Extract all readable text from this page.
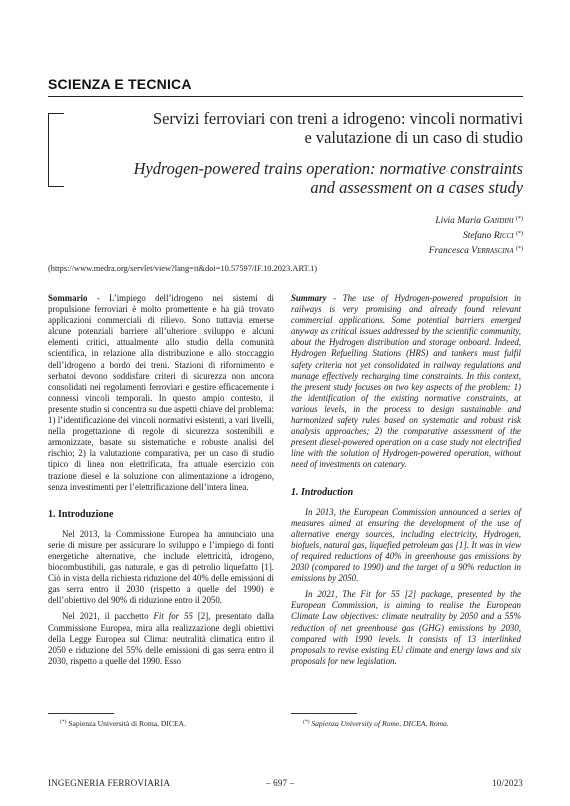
SCIENZA E TECNICA
Servizi ferroviari con treni a idrogeno: vincoli normativi
e valutazione di un caso di studio
Hydrogen-powered trains operation: normative constraints
and assessment on a cases study
Livia Maria Gandini (*)
Stefano Ricci (*)
Francesca Verrascina (*)
(https://www.medra.org/servlet/view?lang=it&doi=10.57597/IF.10.2023.ART.1)

Sommario - L’impiego dell’idrogeno nei sistemi di propulsione ferroviari è molto promettente e ha già trovato applicazioni commerciali di rilievo. Sono tuttavia emerse alcune potenziali barriere all’ulteriore sviluppo e alcuni elementi critici, attualmente allo studio della comunità scientifica, in relazione alla distribuzione e allo stoccaggio dell’idrogeno a bordo dei treni. Stazioni di rifornimento e serbatoi devono soddisfare criteri di sicurezza non ancora consolidati nei regolamenti ferroviari e gestire efficacemente i connessi vincoli temporali. In questo ampio contesto, il presente studio si concentra su due aspetti chiave del problema: 1) l’identificazione dei vincoli normativi esistenti, a vari livelli, nella progettazione di regole di sicurezza sostenibili e armonizzate, basate su sistematiche e robuste analisi del rischio; 2) la valutazione comparativa, per un caso di studio tipico di linea non elettrificata, fra attuale esercizio con trazione diesel e la soluzione con alimentazione a idrogeno, senza investimenti per l’elettrificazione dell’intera linea.

1. Introduzione

Nel 2013, la Commissione Europea ha annunciato una serie di misure per assicurare lo sviluppo e l’impiego di fonti energetiche alternative, che include elettricità, idrogeno, biocombustibili, gas naturale, e gas di petrolio liquefatto [1]. Ciò in vista della richiesta riduzione del 40% delle emissioni di gas serra entro il 2030 (rispetto a quelle del 1990) e dell’obiettivo del 90% di riduzione entro il 2050.

Nel 2021, il pacchetto Fit for 55 [2], presentato dalla Commissione Europea, mira alla realizzazione degli obiettivi della Legge Europea sul Clima: neutralità climatica entro il 2050 e riduzione del 55% delle emissioni di gas serra entro il 2030, rispetto a quelle del 1990. Esso

Summary - The use of Hydrogen-powered propulsion in railways is very promising and already found relevant commercial applications. Some potential barriers emerged anyway as critical issues addressed by the scientific community, about the Hydrogen distribution and storage onboard. Indeed, Hydrogen Refuelling Stations (HRS) and tankers must fulfil safety criteria not yet consolidated in railway regulations and manage effectively recharging time constraints. In this context, the present study focuses on two key aspects of the problem: 1) the identification of the existing normative constraints, at various levels, in the process to design sustainable and harmonized safety rules based on systematic and robust risk analysis approaches; 2) the comparative assessment of the present diesel-powered operation on a case study not electrified line with the solution of Hydrogen-powered operation, without need of investments on catenary.

1. Introduction

In 2013, the European Commission announced a series of measures aimed at ensuring the development of the use of alternative energy sources, including electricity, Hydrogen, biofuels, natural gas, liquefied petroleum gas [1]. It was in view of required reductions of 40% in greenhouse gas emissions by 2030 (compared to 1990) and the target of a 90% reduction in emissions by 2050.

In 2021, The Fit for 55 [2] package, presented by the European Commission, is aiming to realise the European Climate Law objectives: climate neutrality by 2050 and a 55% reduction of net greenhouse gas (GHG) emissions by 2030, compared with 1990 levels. It consists of 13 interlinked proposals to revise existing EU climate and energy laws and six proposals for new legislation.

(*) Sapienza Università di Roma, DICEA.	(*) Sapienza University of Rome, DICEA, Roma.
INGEGNERIA FERROVIARIA	– 697 –	10/2023
